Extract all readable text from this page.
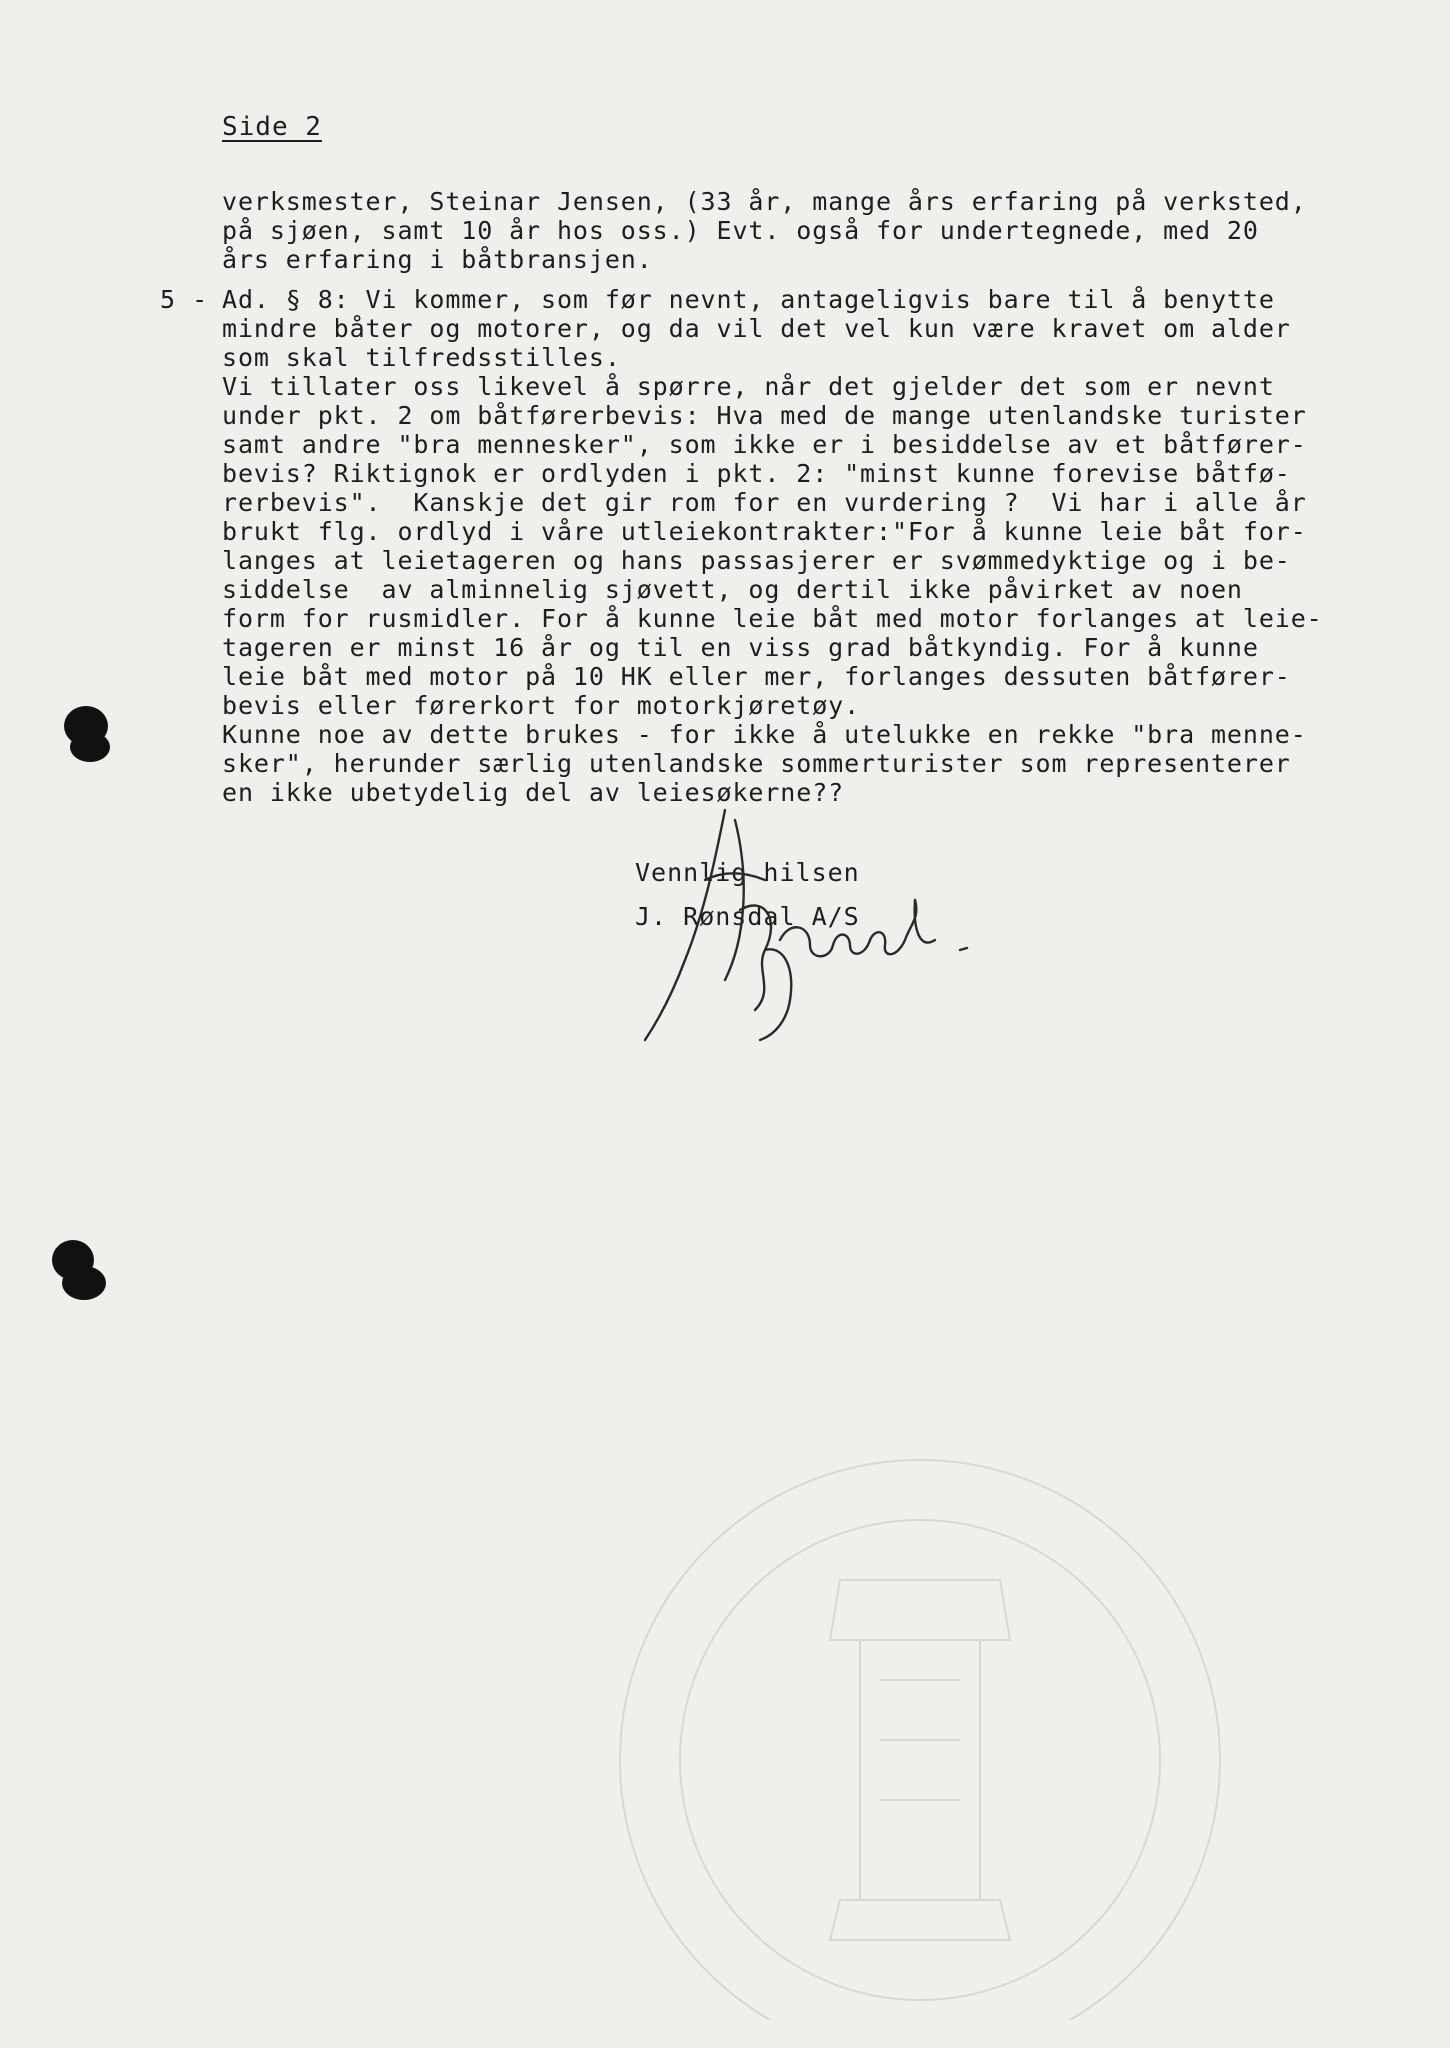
Side 2
verksmester, Steinar Jensen, (33 år, mange års erfaring på verksted,
på sjøen, samt 10 år hos oss.) Evt. også for undertegnede, med 20
års erfaring i båtbransjen.
5 - Ad. § 8: Vi kommer, som før nevnt, antageligvis bare til å benytte
mindre båter og motorer, og da vil det vel kun være kravet om alder
som skal tilfredsstilles.
Vi tillater oss likevel å spørre, når det gjelder det som er nevnt
under pkt. 2 om båtførerbevis: Hva med de mange utenlandske turister
samt andre "bra mennesker", som ikke er i besiddelse av et båtfører-
bevis? Riktignok er ordlyden i pkt. 2: "minst kunne forevise båtfø-
rerbevis".  Kanskje det gir rom for en vurdering ?  Vi har i alle år
brukt flg. ordlyd i våre utleiekontrakter:"For å kunne leie båt for-
langes at leietageren og hans passasjerer er svømmedyktige og i be-
siddelse  av alminnelig sjøvett, og dertil ikke påvirket av noen
form for rusmidler. For å kunne leie båt med motor forlanges at leie-
tageren er minst 16 år og til en viss grad båtkyndig. For å kunne
leie båt med motor på 10 HK eller mer, forlanges dessuten båtfører-
bevis eller førerkort for motorkjøretøy.
Kunne noe av dette brukes - for ikke å utelukke en rekke "bra menne-
sker", herunder særlig utenlandske sommerturister som representerer
en ikke ubetydelig del av leiesøkerne??
Vennlig hilsen
J. Rønsdal A/S
